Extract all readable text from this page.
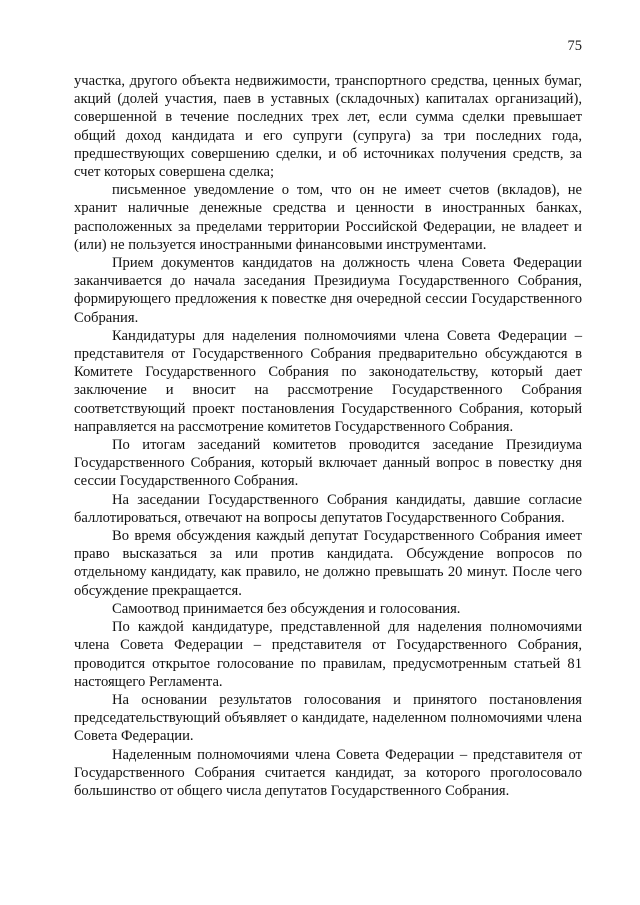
75

участка, другого объекта недвижимости, транспортного средства, ценных бумаг, акций (долей участия, паев в уставных (складочных) капиталах организаций), совершенной в течение последних трех лет, если сумма сделки превышает общий доход кандидата и его супруги (супруга) за три последних года, предшествующих совершению сделки, и об источниках получения средств, за счет которых совершена сделка;

письменное уведомление о том, что он не имеет счетов (вкладов), не хранит наличные денежные средства и ценности в иностранных банках, расположенных за пределами территории Российской Федерации, не владеет и (или) не пользуется иностранными финансовыми инструментами.

Прием документов кандидатов на должность члена Совета Федерации заканчивается до начала заседания Президиума Государственного Собрания, формирующего предложения к повестке дня очередной сессии Государственного Собрания.

Кандидатуры для наделения полномочиями члена Совета Федерации – представителя от Государственного Собрания предварительно обсуждаются в Комитете Государственного Собрания по законодательству, который дает заключение и вносит на рассмотрение Государственного Собрания соответствующий проект постановления Государственного Собрания, который направляется на рассмотрение комитетов Государственного Собрания.

По итогам заседаний комитетов проводится заседание Президиума Государственного Собрания, который включает данный вопрос в повестку дня сессии Государственного Собрания.

На заседании Государственного Собрания кандидаты, давшие согласие баллотироваться, отвечают на вопросы депутатов Государственного Собрания.

Во время обсуждения каждый депутат Государственного Собрания имеет право высказаться за или против кандидата. Обсуждение вопросов по отдельному кандидату, как правило, не должно превышать 20 минут. После чего обсуждение прекращается.

Самоотвод принимается без обсуждения и голосования.

По каждой кандидатуре, представленной для наделения полномочиями члена Совета Федерации – представителя от Государственного Собрания, проводится открытое голосование по правилам, предусмотренным статьей 81 настоящего Регламента.

На основании результатов голосования и принятого постановления председательствующий объявляет о кандидате, наделенном полномочиями члена Совета Федерации.

Наделенным полномочиями члена Совета Федерации – представителя от Государственного Собрания считается кандидат, за которого проголосовало большинство от общего числа депутатов Государственного Собрания.
